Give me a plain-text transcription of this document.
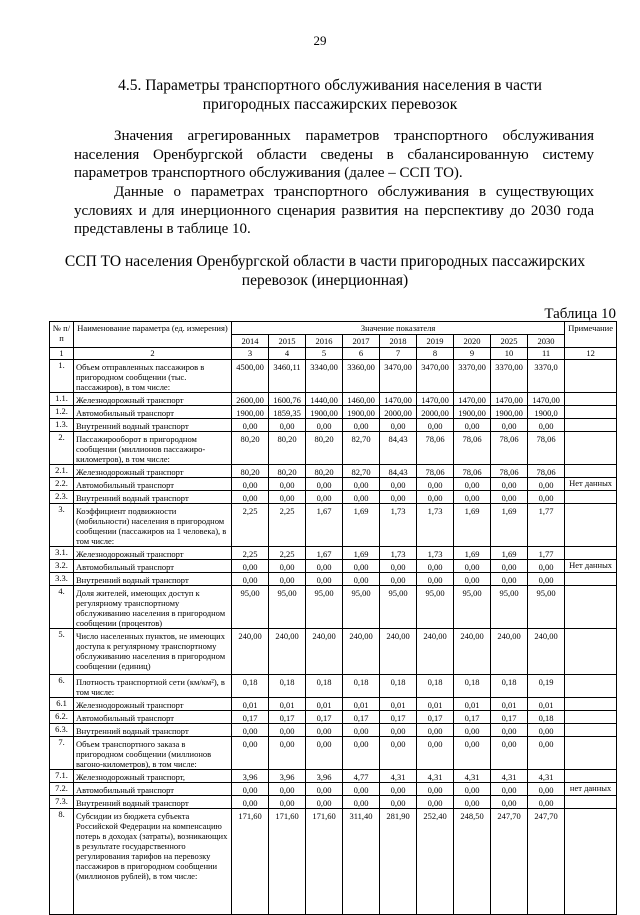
29
4.5. Параметры транспортного обслуживания населения в части пригородных пассажирских перевозок
Значения агрегированных параметров транспортного обслуживания населения Оренбургской области сведены в сбалансированную систему параметров транспортного обслуживания (далее – ССП ТО).
Данные о параметрах транспортного обслуживания в существующих условиях и для инерционного сценария развития на перспективу до 2030 года представлены в таблице 10.
ССП ТО населения Оренбургской области в части пригородных пассажирских перевозок (инерционная)
Таблица 10
№ п/п	Наименование параметра (ед. измерения)	Значение показателя									Примечание
		2014	2015	2016	2017	2018	2019	2020	2025	2030	
1	2	3	4	5	6	7	8	9	10	11	12
1.	Объем отправленных пассажиров в пригородном сообщении (тыс. пассажиров), в том числе:	4500,00	3460,11	3340,00	3360,00	3470,00	3470,00	3370,00	3370,00	3370,0	
1.1.	Железнодорожный транспорт	2600,00	1600,76	1440,00	1460,00	1470,00	1470,00	1470,00	1470,00	1470,00	
1.2.	Автомобильный транспорт	1900,00	1859,35	1900,00	1900,00	2000,00	2000,00	1900,00	1900,00	1900,0	
1.3.	Внутренний водный транспорт	0,00	0,00	0,00	0,00	0,00	0,00	0,00	0,00	0,00	
2.	Пассажирооборот в пригородном сообщении (миллионов пассажиро-километров), в том числе:	80,20	80,20	80,20	82,70	84,43	78,06	78,06	78,06	78,06	
2.1.	Железнодорожный транспорт	80,20	80,20	80,20	82,70	84,43	78,06	78,06	78,06	78,06	
2.2.	Автомобильный транспорт	0,00	0,00	0,00	0,00	0,00	0,00	0,00	0,00	0,00	Нет данных
2.3.	Внутренний водный транспорт	0,00	0,00	0,00	0,00	0,00	0,00	0,00	0,00	0,00	
3.	Коэффициент подвижности (мобильности) населения в пригородном сообщении (пассажиров на 1 человека), в том числе:	2,25	2,25	1,67	1,69	1,73	1,73	1,69	1,69	1,77	
3.1.	Железнодорожный транспорт	2,25	2,25	1,67	1,69	1,73	1,73	1,69	1,69	1,77	
3.2.	Автомобильный транспорт	0,00	0,00	0,00	0,00	0,00	0,00	0,00	0,00	0,00	Нет данных
3.3.	Внутренний водный транспорт	0,00	0,00	0,00	0,00	0,00	0,00	0,00	0,00	0,00	
4.	Доля жителей, имеющих доступ к регулярному транспортному обслуживанию населения в пригородном сообщении (процентов)	95,00	95,00	95,00	95,00	95,00	95,00	95,00	95,00	95,00	
5.	Число населенных пунктов, не имеющих доступа к регулярному транспортному обслуживанию населения в пригородном сообщении (единиц)	240,00	240,00	240,00	240,00	240,00	240,00	240,00	240,00	240,00	
6.	Плотность транспортной сети (км/км²), в том числе:	0,18	0,18	0,18	0,18	0,18	0,18	0,18	0,18	0,19	
6.1	Железнодорожный транспорт	0,01	0,01	0,01	0,01	0,01	0,01	0,01	0,01	0,01	
6.2.	Автомобильный транспорт	0,17	0,17	0,17	0,17	0,17	0,17	0,17	0,17	0,18	
6.3.	Внутренний водный транспорт	0,00	0,00	0,00	0,00	0,00	0,00	0,00	0,00	0,00	
7.	Объем транспортного заказа в пригородном сообщении (миллионов вагоно-километров), в том числе:	0,00	0,00	0,00	0,00	0,00	0,00	0,00	0,00	0,00	
7.1.	Железнодорожный транспорт,	3,96	3,96	3,96	4,77	4,31	4,31	4,31	4,31	4,31	
7.2.	Автомобильный транспорт	0,00	0,00	0,00	0,00	0,00	0,00	0,00	0,00	0,00	нет данных
7.3.	Внутренний водный транспорт	0,00	0,00	0,00	0,00	0,00	0,00	0,00	0,00	0,00	
8.	Субсидии из бюджета субъекта Российской Федерации на компенсацию потерь в доходах (затраты), возникающих в результате государственного регулирования тарифов на перевозку пассажиров в пригородном сообщении (миллионов рублей), в том числе:	171,60	171,60	171,60	311,40	281,90	252,40	248,50	247,70	247,70	
